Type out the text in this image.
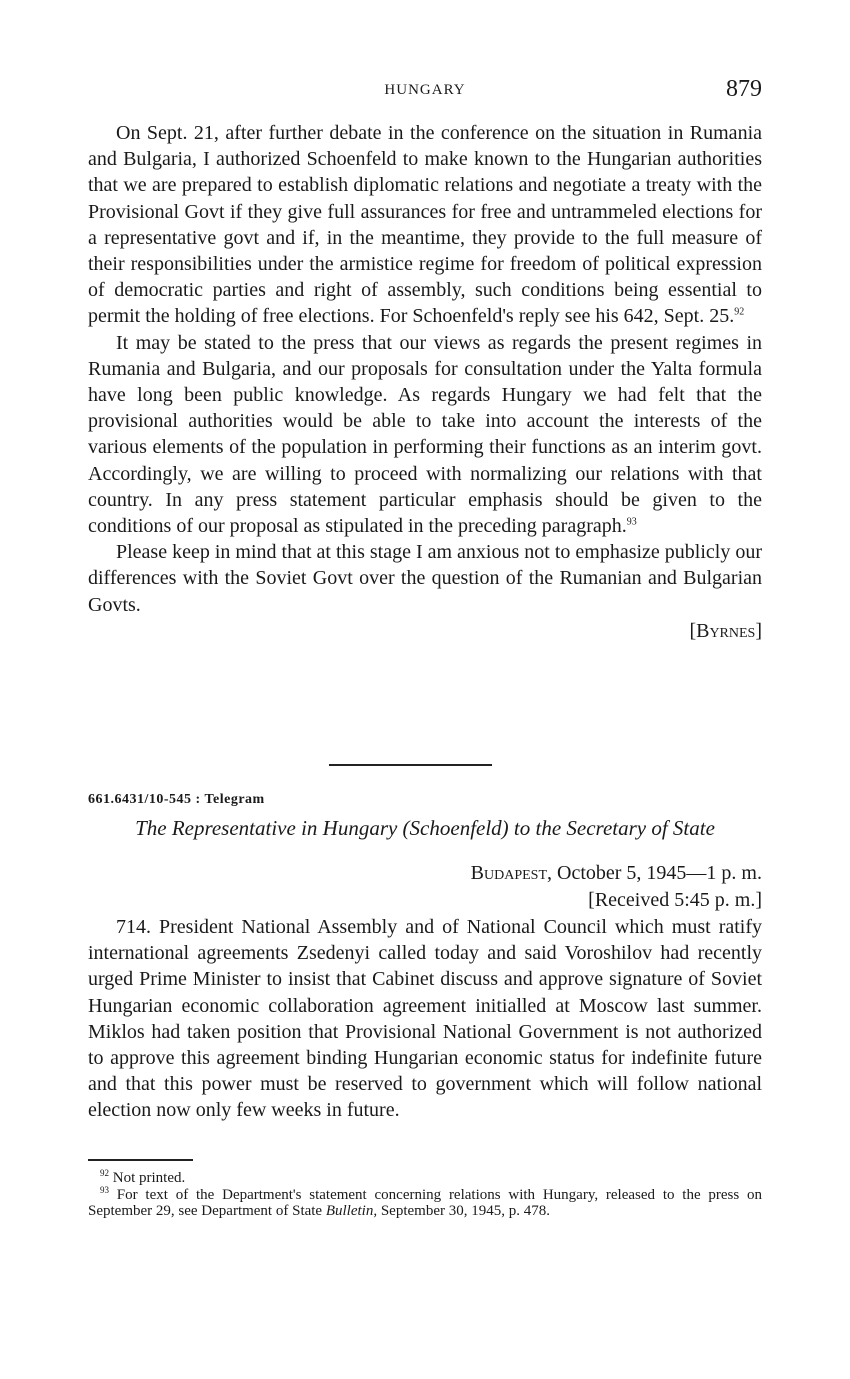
HUNGARY	879

On Sept. 21, after further debate in the conference on the situation in Rumania and Bulgaria, I authorized Schoenfeld to make known to the Hungarian authorities that we are prepared to establish diplomatic relations and negotiate a treaty with the Provisional Govt if they give full assurances for free and untrammeled elections for a representative govt and if, in the meantime, they provide to the full measure of their responsibilities under the armistice regime for freedom of political expression of democratic parties and right of assembly, such conditions being essential to permit the holding of free elections. For Schoenfeld's reply see his 642, Sept. 25.92

It may be stated to the press that our views as regards the present regimes in Rumania and Bulgaria, and our proposals for consultation under the Yalta formula have long been public knowledge. As regards Hungary we had felt that the provisional authorities would be able to take into account the interests of the various elements of the population in performing their functions as an interim govt. Accordingly, we are willing to proceed with normalizing our relations with that country. In any press statement particular emphasis should be given to the conditions of our proposal as stipulated in the preceding paragraph.$^{93}$

Please keep in mind that at this stage I am anxious not to emphasize publicly our differences with the Soviet Govt over the question of the Rumanian and Bulgarian Govts.

[Byrnes]

661.6431/10-545 : Telegram
The Representative in Hungary (Schoenfeld) to the Secretary of State
Budapest, October 5, 1945—1 p. m.
[Received 5:45 p. m.]

714. President National Assembly and of National Council which must ratify international agreements Zsedenyi called today and said Voroshilov had recently urged Prime Minister to insist that Cabinet discuss and approve signature of Soviet Hungarian economic collaboration agreement initialled at Moscow last summer. Miklos had taken position that Provisional National Government is not authorized to approve this agreement binding Hungarian economic status for indefinite future and that this power must be reserved to government which will follow national election now only few weeks in future.

$^{92}$ Not printed.

$^{93}$ For text of the Department's statement concerning relations with Hungary, released to the press on September 29, see Department of State Bulletin, September 30, 1945, p. 478.
